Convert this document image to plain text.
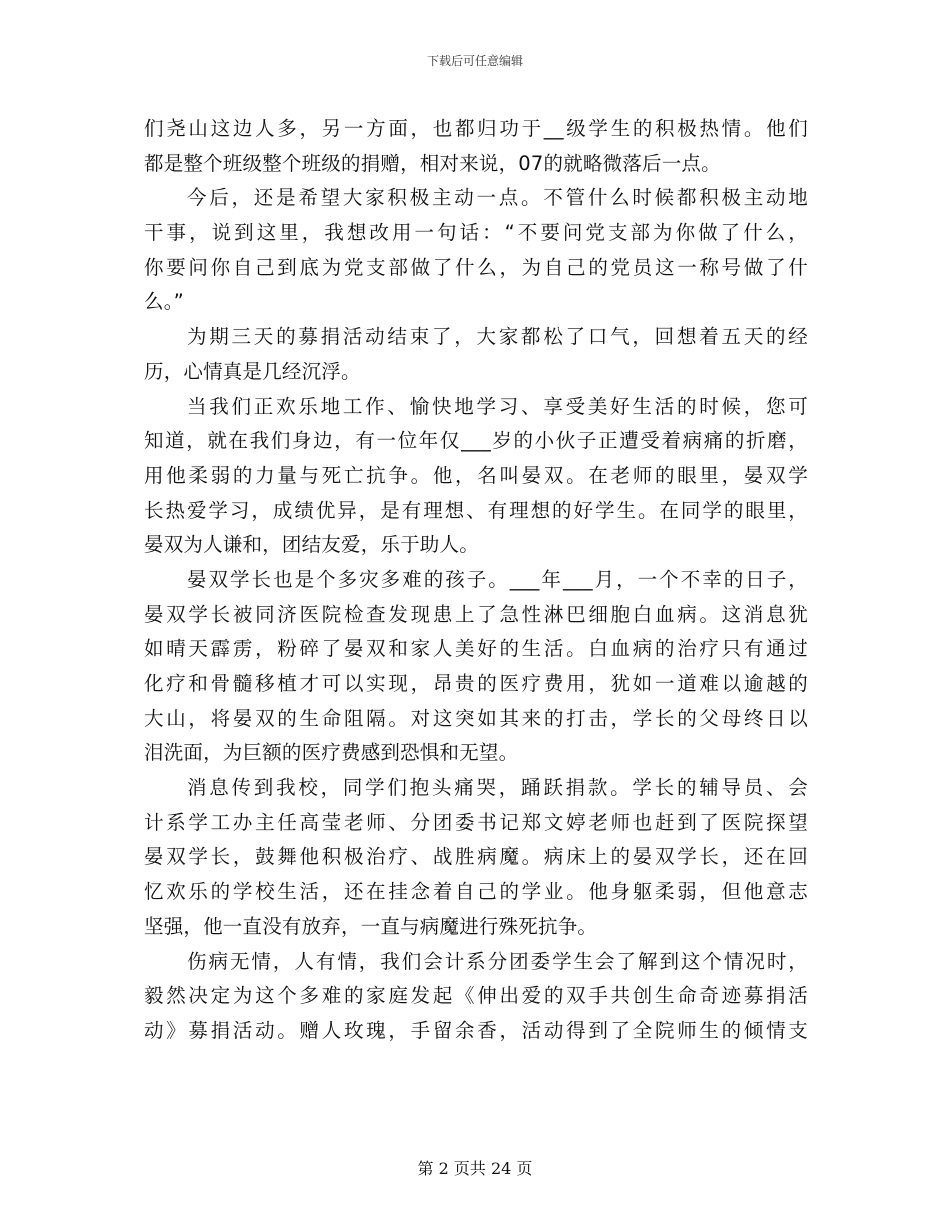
下载后可任意编辑
们尧山这边人多，另一方面，也都归功于__级学生的积极热情。他们
都是整个班级整个班级的捐赠，相对来说，07的就略微落后一点。
今后，还是希望大家积极主动一点。不管什么时候都积极主动地
干事，说到这里，我想改用一句话：“不要问党支部为你做了什么，
你要问你自己到底为党支部做了什么，为自己的党员这一称号做了什
么。”
为期三天的募捐活动结束了，大家都松了口气，回想着五天的经
历，心情真是几经沉浮。
当我们正欢乐地工作、愉快地学习、享受美好生活的时候，您可
知道，就在我们身边，有一位年仅___岁的小伙子正遭受着病痛的折磨，
用他柔弱的力量与死亡抗争。他，名叫晏双。在老师的眼里，晏双学
长热爱学习，成绩优异，是有理想、有理想的好学生。在同学的眼里，
晏双为人谦和，团结友爱，乐于助人。
晏双学长也是个多灾多难的孩子。___年___月，一个不幸的日子，
晏双学长被同济医院检查发现患上了急性淋巴细胞白血病。这消息犹
如晴天霹雳，粉碎了晏双和家人美好的生活。白血病的治疗只有通过
化疗和骨髓移植才可以实现，昂贵的医疗费用，犹如一道难以逾越的
大山，将晏双的生命阻隔。对这突如其来的打击，学长的父母终日以
泪洗面，为巨额的医疗费感到恐惧和无望。
消息传到我校，同学们抱头痛哭，踊跃捐款。学长的辅导员、会
计系学工办主任高莹老师、分团委书记郑文婷老师也赶到了医院探望
晏双学长，鼓舞他积极治疗、战胜病魔。病床上的晏双学长，还在回
忆欢乐的学校生活，还在挂念着自己的学业。他身躯柔弱，但他意志
坚强，他一直没有放弃，一直与病魔进行殊死抗争。
伤病无情，人有情，我们会计系分团委学生会了解到这个情况时，
毅然决定为这个多难的家庭发起《伸出爱的双手共创生命奇迹募捐活
动》募捐活动。赠人玫瑰，手留余香，活动得到了全院师生的倾情支
第 2 页共 24 页
